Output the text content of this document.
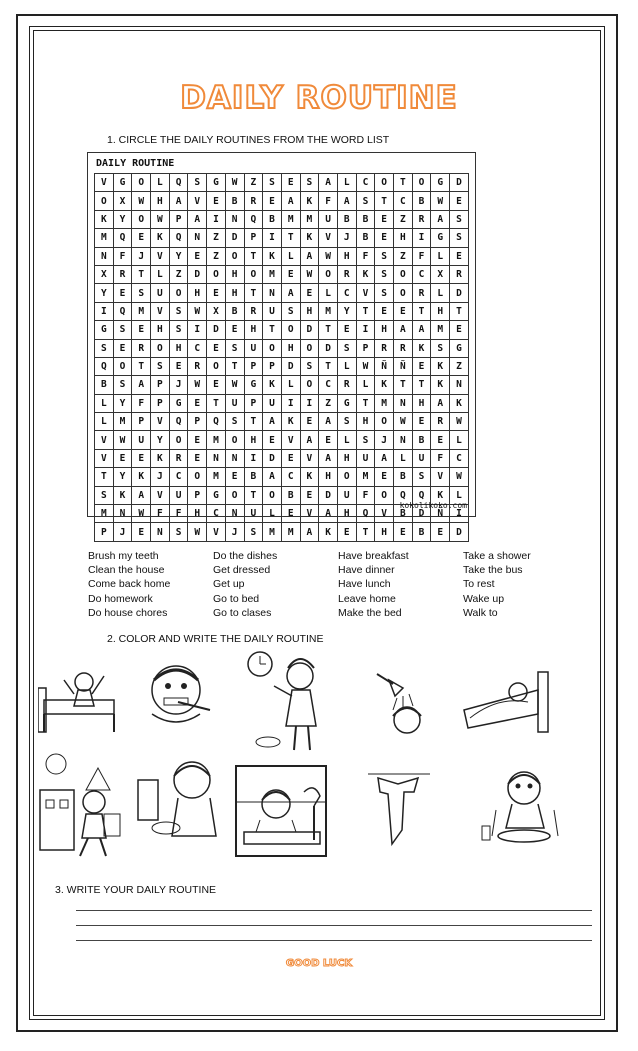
DAILY ROUTINE
1. CIRCLE THE DAILY ROUTINES FROM THE WORD LIST
DAILY ROUTINE
V	G	O	L	Q	S	G	W	Z	S	E	S	A	L	C	O	T	O	G	D
O	X	W	H	A	V	E	B	R	E	A	K	F	A	S	T	C	B	W	E
K	Y	O	W	P	A	I	N	Q	B	M	M	U	B	B	E	Z	R	A	S
M	Q	E	K	Q	N	Z	D	P	I	T	K	V	J	B	E	H	I	G	S
N	F	J	V	Y	E	Z	O	T	K	L	A	W	H	F	S	Z	F	L	E
X	R	T	L	Z	D	O	H	O	M	E	W	O	R	K	S	O	C	X	R
Y	E	S	U	O	H	E	H	T	N	A	E	L	C	V	S	O	R	L	D
I	Q	M	V	S	W	X	B	R	U	S	H	M	Y	T	E	E	T	H	T
G	S	E	H	S	I	D	E	H	T	O	D	T	E	I	H	A	A	M	E
S	E	R	O	H	C	E	S	U	O	H	O	D	S	P	R	R	K	S	G
Q	O	T	S	E	R	O	T	P	P	D	S	T	L	W	Ñ	Ñ	E	K	Z
B	S	A	P	J	W	E	W	G	K	L	O	C	R	L	K	T	T	K	N
L	Y	F	P	G	E	T	U	P	U	I	I	Z	G	T	M	N	H	A	K
L	M	P	V	Q	P	Q	S	T	A	K	E	A	S	H	O	W	E	R	W
V	W	U	Y	O	E	M	O	H	E	V	A	E	L	S	J	N	B	E	L
V	E	E	K	R	E	N	N	I	D	E	V	A	H	U	A	L	U	F	C
T	Y	K	J	C	O	M	E	B	A	C	K	H	O	M	E	B	S	V	W
S	K	A	V	U	P	G	O	T	O	B	E	D	U	F	O	Q	Q	K	L
M	N	W	F	F	H	C	N	U	L	E	V	A	H	Q	V	B	D	Ñ	I
P	J	E	N	S	W	V	J	S	M	M	A	K	E	T	H	E	B	E	D
kokolikoko.com
Brush my teeth	Do the dishes	Have breakfast	Take a shower
Clean the house	Get dressed	Have dinner	Take the bus
Come back home	Get up	Have lunch	To rest
Do homework	Go to bed	Leave home	Wake up
Do house chores	Go to clases	Make the bed	Walk to
2. COLOR AND WRITE THE DAILY ROUTINE
3. WRITE YOUR DAILY ROUTINE
GOOD LUCK
